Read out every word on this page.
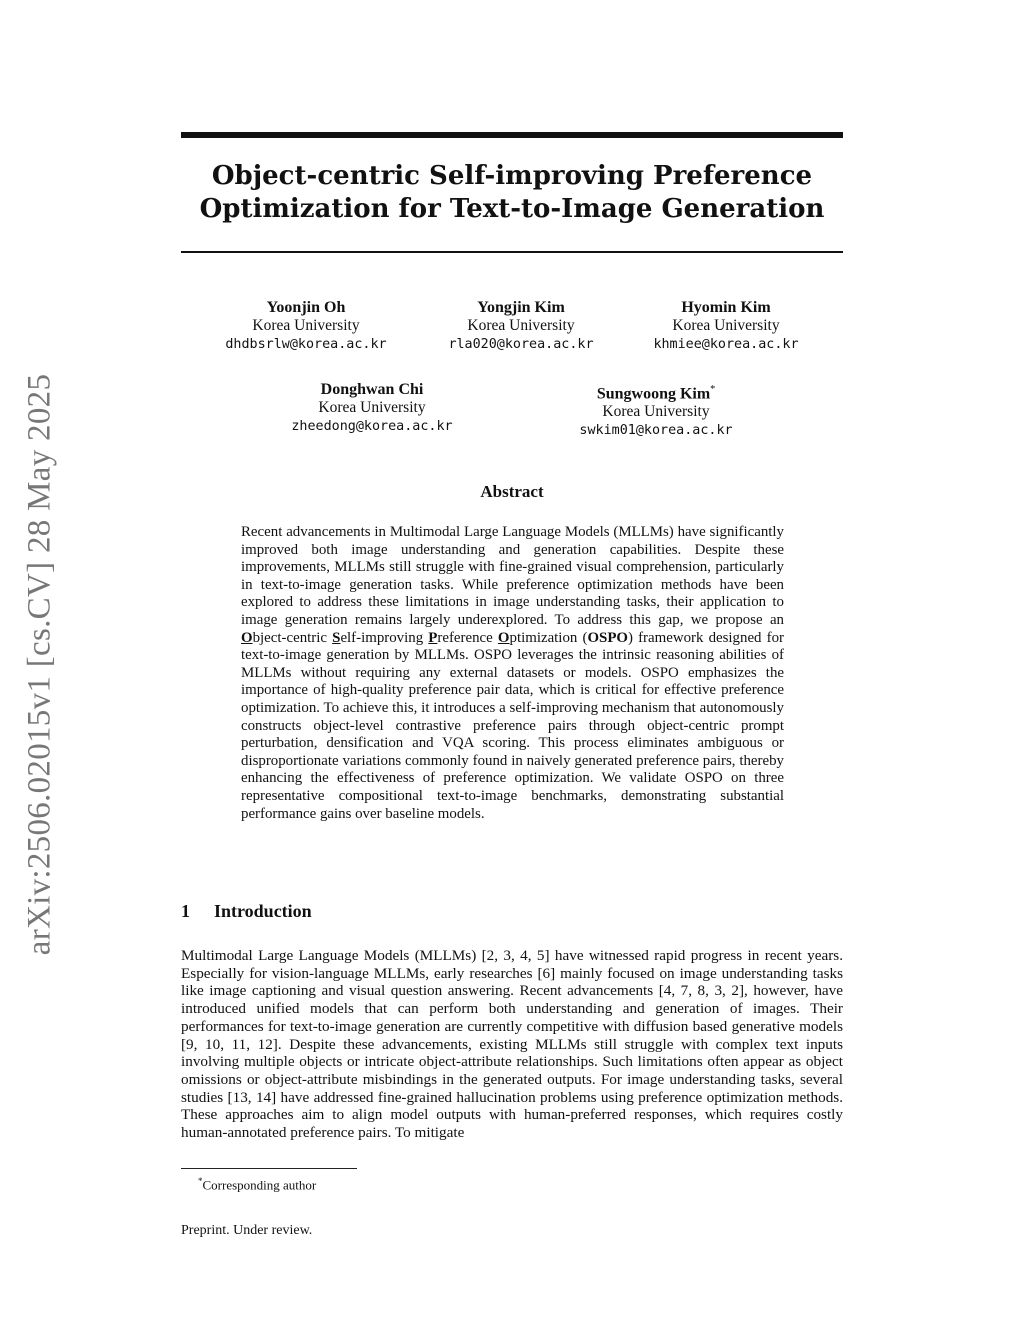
arXiv:2506.02015v1 [cs.CV] 28 May 2025
Object-centric Self-improving Preference
Optimization for Text-to-Image Generation
Yoonjin Oh
Korea University
dhdbsrlw@korea.ac.kr
Yongjin Kim
Korea University
rla020@korea.ac.kr
Hyomin Kim
Korea University
khmiee@korea.ac.kr
Donghwan Chi
Korea University
zheedong@korea.ac.kr
Sungwoong Kim*
Korea University
swkim01@korea.ac.kr
Abstract
Recent advancements in Multimodal Large Language Models (MLLMs) have significantly improved both image understanding and generation capabilities. Despite these improvements, MLLMs still struggle with fine-grained visual comprehension, particularly in text-to-image generation tasks. While preference optimization methods have been explored to address these limitations in image understanding tasks, their application to image generation remains largely underexplored. To address this gap, we propose an Object-centric Self-improving Preference Optimization (OSPO) framework designed for text-to-image generation by MLLMs. OSPO leverages the intrinsic reasoning abilities of MLLMs without requiring any external datasets or models. OSPO emphasizes the importance of high-quality preference pair data, which is critical for effective preference optimization. To achieve this, it introduces a self-improving mechanism that autonomously constructs object-level contrastive preference pairs through object-centric prompt perturbation, densification and VQA scoring. This process eliminates ambiguous or disproportionate variations commonly found in naively generated preference pairs, thereby enhancing the effectiveness of preference optimization. We validate OSPO on three representative compositional text-to-image benchmarks, demonstrating substantial performance gains over baseline models.
1 Introduction
Multimodal Large Language Models (MLLMs) [2, 3, 4, 5] have witnessed rapid progress in recent years. Especially for vision-language MLLMs, early researches [6] mainly focused on image understanding tasks like image captioning and visual question answering. Recent advancements [4, 7, 8, 3, 2], however, have introduced unified models that can perform both understanding and generation of images. Their performances for text-to-image generation are currently competitive with diffusion based generative models [9, 10, 11, 12]. Despite these advancements, existing MLLMs still struggle with complex text inputs involving multiple objects or intricate object-attribute relationships. Such limitations often appear as object omissions or object-attribute misbindings in the generated outputs. For image understanding tasks, several studies [13, 14] have addressed fine-grained hallucination problems using preference optimization methods. These approaches aim to align model outputs with human-preferred responses, which requires costly human-annotated preference pairs. To mitigate
*Corresponding author
Preprint. Under review.
